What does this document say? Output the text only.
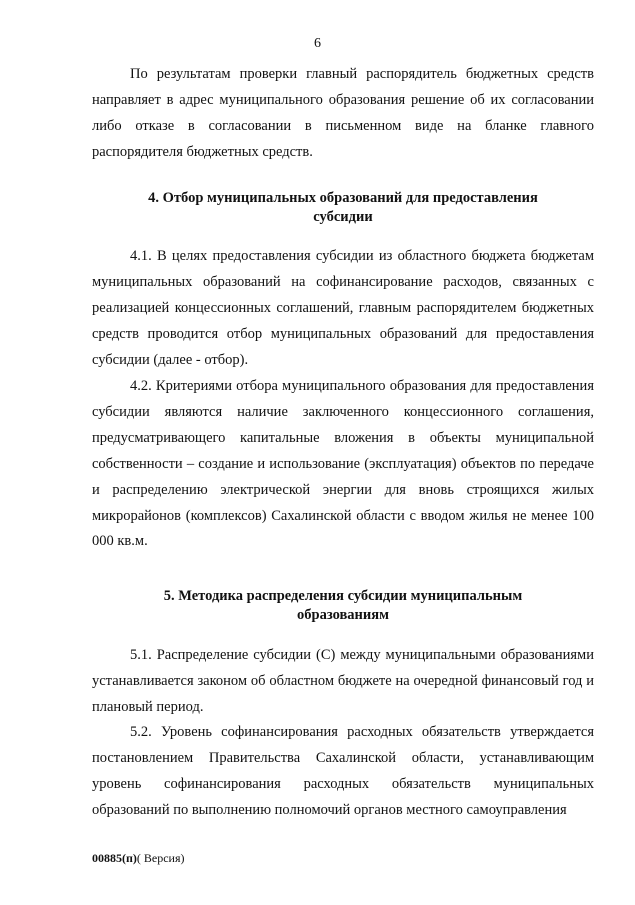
6
По результатам проверки главный распорядитель бюджетных средств направляет в адрес муниципального образования решение об их согласовании либо отказе в согласовании в письменном виде на бланке главного распорядителя бюджетных средств.
4. Отбор муниципальных образований для предоставления
субсидии
4.1. В целях предоставления субсидии из областного бюджета бюджетам муниципальных образований на софинансирование расходов, связанных с реализацией концессионных соглашений, главным распорядителем бюджетных средств проводится отбор муниципальных образований для предоставления субсидии (далее - отбор).
4.2. Критериями отбора муниципального образования для предоставления субсидии являются наличие заключенного концессионного соглашения, предусматривающего капитальные вложения в объекты муниципальной собственности – создание и использование (эксплуатация) объектов по передаче и распределению электрической энергии для вновь строящихся жилых микрорайонов (комплексов) Сахалинской области с вводом жилья не менее 100 000 кв.м.
5. Методика распределения субсидии муниципальным
образованиям
5.1. Распределение субсидии (С) между муниципальными образованиями устанавливается законом об областном бюджете на очередной финансовый год и плановый период.
5.2. Уровень софинансирования расходных обязательств утверждается постановлением Правительства Сахалинской области, устанавливающим уровень софинансирования расходных обязательств муниципальных образований по выполнению полномочий органов местного самоуправления
00885(п)( Версия)
